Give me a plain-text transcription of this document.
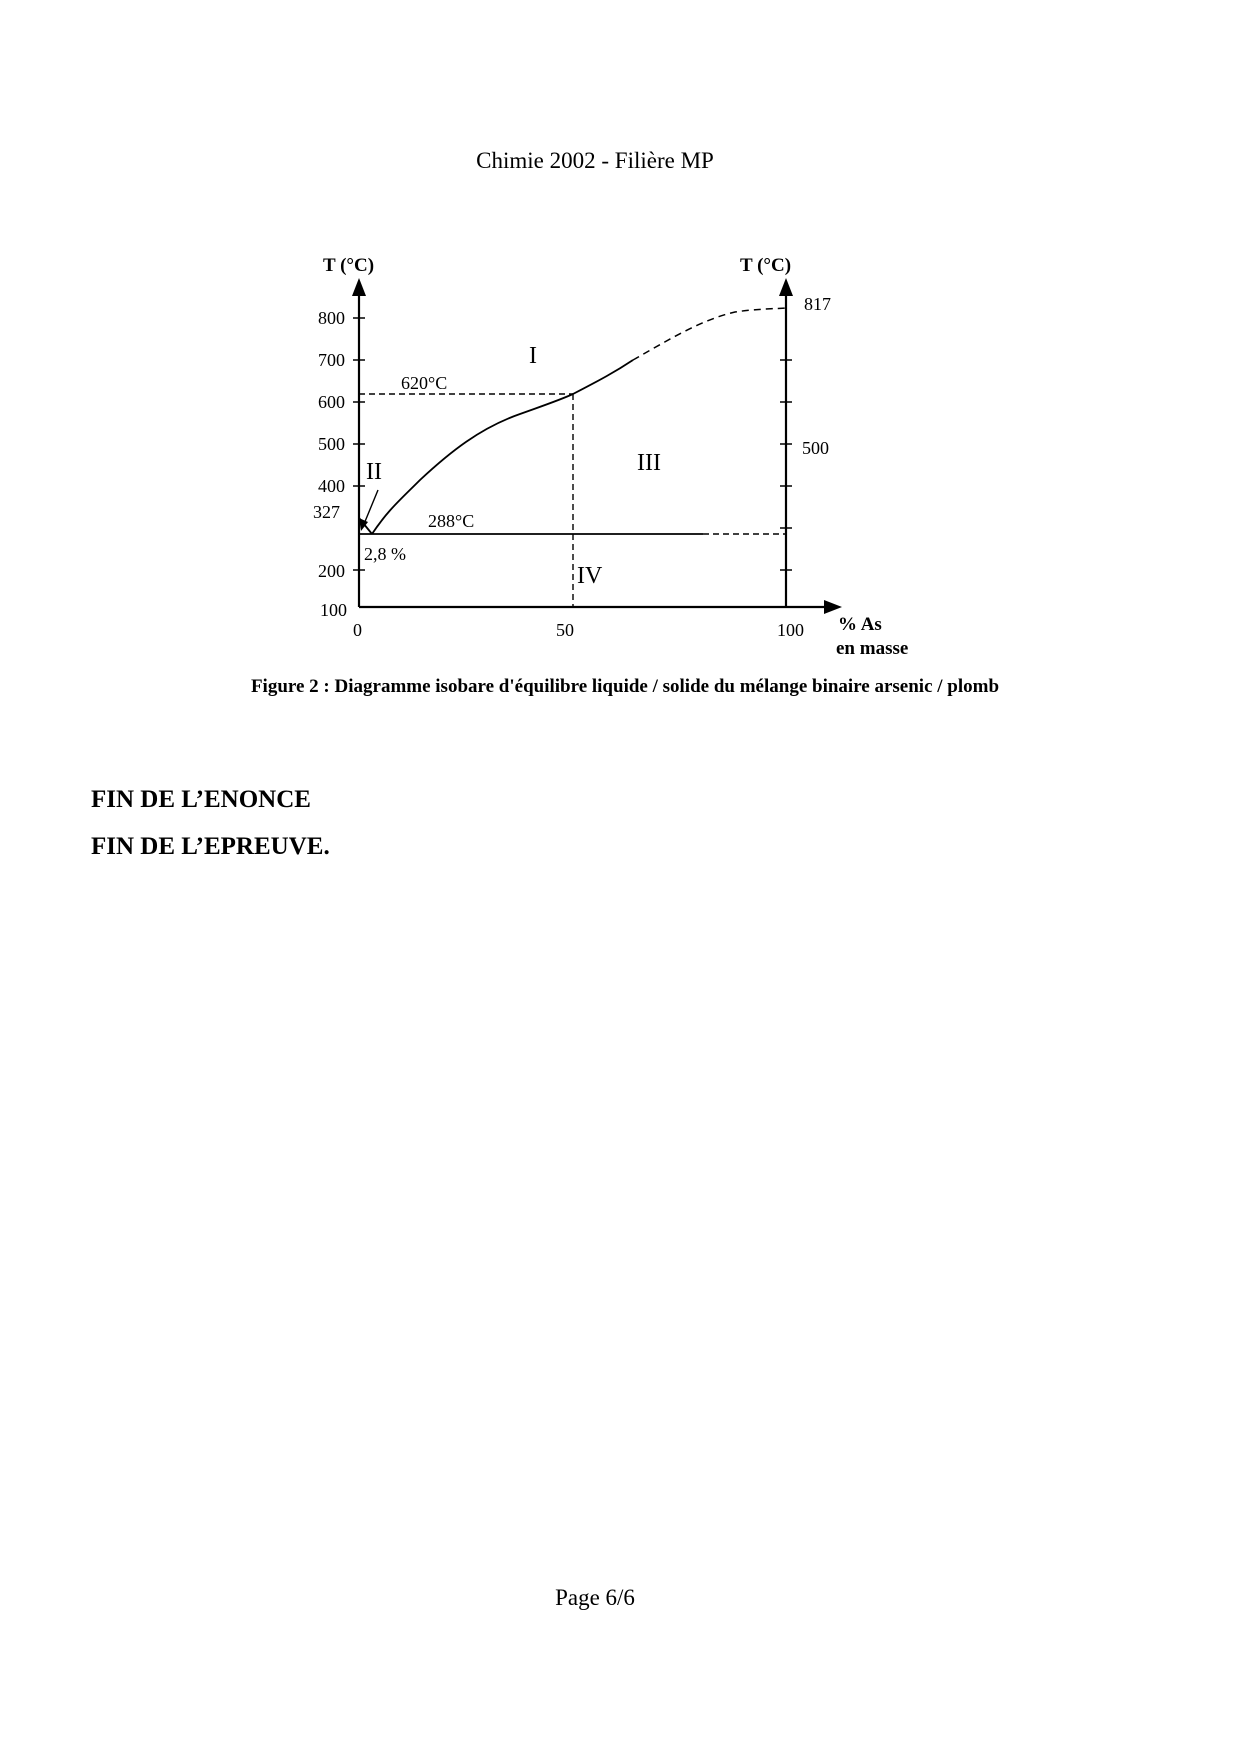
Chimie 2002 - Filière MP
T (°C)	T (°C)
100
200
327
400
500
600
700
800
817
500
0	50	100 % As
en masse
620°C
288°C
2,8 %
I
II	III
IV
Figure 2 : Diagramme isobare d'équilibre liquide / solide du mélange binaire arsenic / plomb
FIN DE L’ENONCE
FIN DE L’EPREUVE.
Page 6/6
